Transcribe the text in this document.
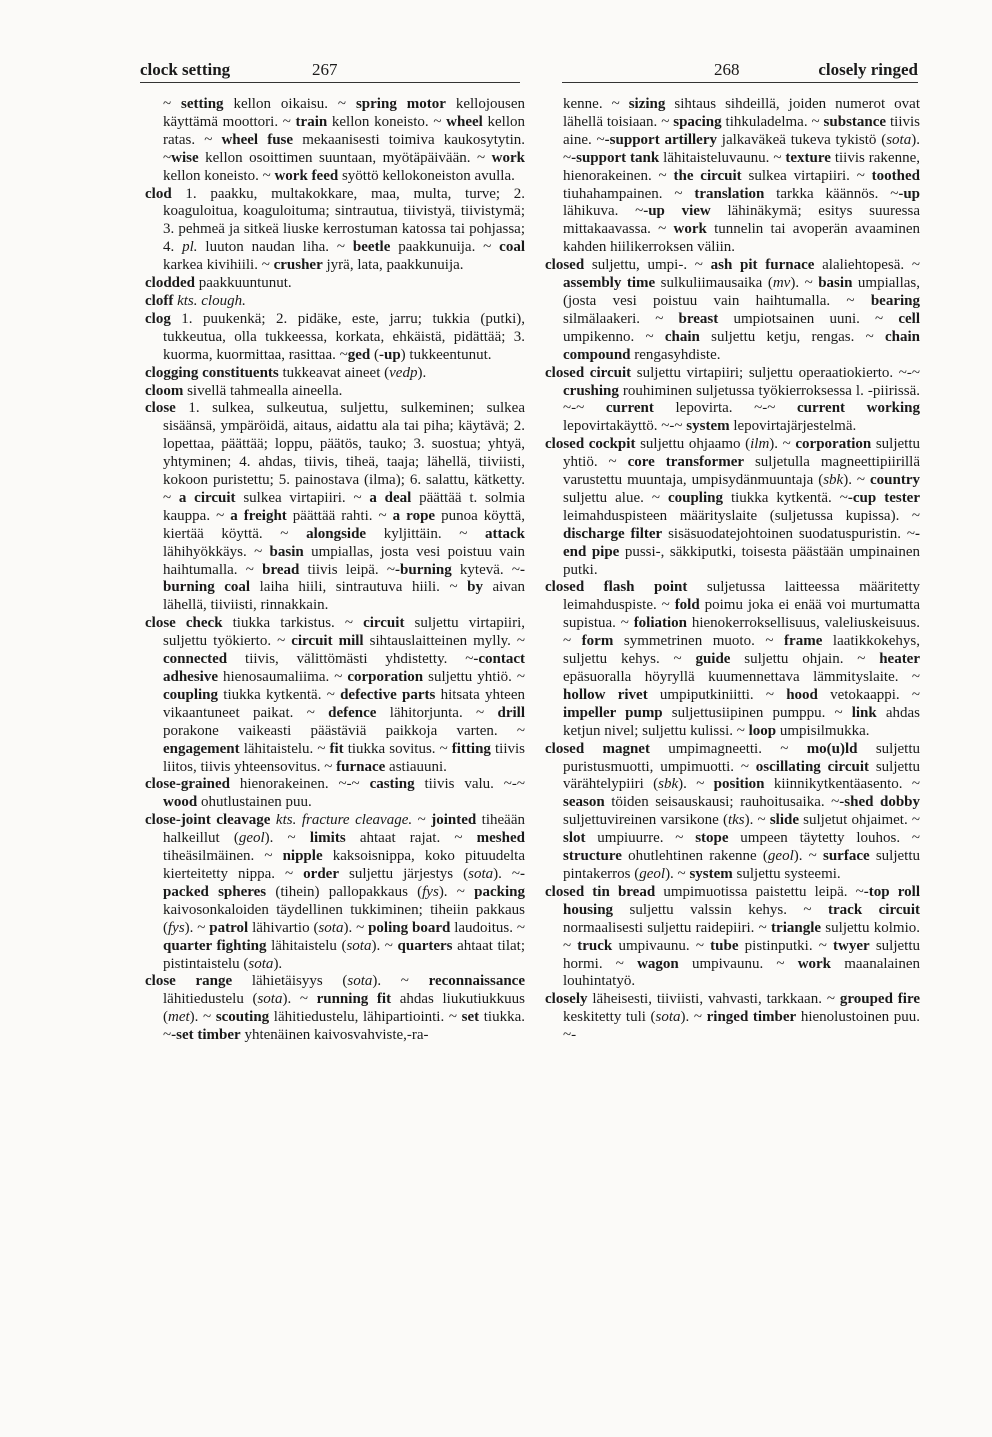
clock setting	267	268	closely ringed

~ setting kellon oikaisu. ~ spring motor kellojousen käyttämä moottori. ~ train kellon koneisto. ~ wheel kellon ratas. ~ wheel fuse mekaanisesti toimiva kaukosytytin. ~wise kellon osoittimen suuntaan, myötäpäivään. ~ work kellon koneisto. ~ work feed syöttö kellokoneiston avulla.

clod 1. paakku, multakokkare, maa, multa, turve; 2. koaguloitua, koaguloituma; sintrautua, tiivistyä, tiivistymä; 3. pehmeä ja sitkeä liuske kerrostuman katossa tai pohjassa; 4. pl. luuton naudan liha. ~ beetle paakkunuija. ~ coal karkea kivihiili. ~ crusher jyrä, lata, paakkunuija.

clodded paakkuuntunut.

cloff kts. clough.

clog 1. puukenkä; 2. pidäke, este, jarru; tukkia (putki), tukkeutua, olla tukkeessa, korkata, ehkäistä, pidättää; 3. kuorma, kuormittaa, rasittaa. ~ged (-up) tukkeentunut.

clogging constituents tukkeavat aineet (vedp).

cloom sivellä tahmealla aineella.

close 1. sulkea, sulkeutua, suljettu, sulkeminen; sulkea sisäänsä, ympäröidä, aitaus, aidattu ala tai piha; käytävä; 2. lopettaa, päättää; loppu, päätös, tauko; 3. suostua; yhtyä, yhtyminen; 4. ahdas, tiivis, tiheä, taaja; lähellä, tiiviisti, kokoon puristettu; 5. painostava (ilma); 6. salattu, kätketty. ~ a circuit sulkea virtapiiri. ~ a deal päättää t. solmia kauppa. ~ a freight päättää rahti. ~ a rope punoa köyttä, kiertää köyttä. ~ alongside kyljittäin. ~ attack lähihyökkäys. ~ basin umpiallas, josta vesi poistuu vain haihtumalla. ~ bread tiivis leipä. ~-burning kytevä. ~-burning coal laiha hiili, sintrautuva hiili. ~ by aivan lähellä, tiiviisti, rinnakkain.

close check tiukka tarkistus. ~ circuit suljettu virtapiiri, suljettu työkierto. ~ circuit mill sihtauslaitteinen mylly. ~ connected tiivis, välittömästi yhdistetty. ~-contact adhesive hienosaumaliima. ~ corporation suljettu yhtiö. ~ coupling tiukka kytkentä. ~ defective parts hitsata yhteen vikaantuneet paikat. ~ defence lähitorjunta. ~ drill porakone vaikeasti päästäviä paikkoja varten. ~ engagement lähitaistelu. ~ fit tiukka sovitus. ~ fitting tiivis liitos, tiivis yhteensovitus. ~ furnace astiauuni.

close-grained hienorakeinen. ~-~ casting tiivis valu. ~-~ wood ohutlustainen puu.

close-joint cleavage kts. fracture cleavage. ~ jointed tiheään halkeillut (geol). ~ limits ahtaat rajat. ~ meshed tiheäsilmäinen. ~ nipple kaksoisnippa, koko pituudelta kierteitetty nippa. ~ order suljettu järjestys (sota). ~-packed spheres (tihein) pallopakkaus (fys). ~ packing kaivosonkaloiden täydellinen tukkiminen; tiheiin pakkaus (fys). ~ patrol lähivartio (sota). ~ poling board laudoitus. ~ quarter fighting lähitaistelu (sota). ~ quarters ahtaat tilat; pistintaistelu (sota).

close range lähietäisyys (sota). ~ reconnaissance lähitiedustelu (sota). ~ running fit ahdas liukutiukkuus (met). ~ scouting lähitiedustelu, lähipartiointi. ~ set tiukka. ~-set timber yhtenäinen kaivosvahviste,-ra-

kenne. ~ sizing sihtaus sihdeillä, joiden numerot ovat lähellä toisiaan. ~ spacing tihkuladelma. ~ substance tiivis aine. ~-support artillery jalkaväkeä tukeva tykistö (sota). ~-support tank lähitaisteluvaunu. ~ texture tiivis rakenne, hienorakeinen. ~ the circuit sulkea virtapiiri. ~ toothed tiuhahampainen. ~ translation tarkka käännös. ~-up lähikuva. ~-up view lähinäkymä; esitys suuressa mittakaavassa. ~ work tunnelin tai avoperän avaaminen kahden hiilikerroksen väliin.

closed suljettu, umpi-. ~ ash pit furnace alaliehtopesä. ~ assembly time sulkuliimausaika (mv). ~ basin umpiallas, (josta vesi poistuu vain haihtumalla. ~ bearing silmälaakeri. ~ breast umpiotsainen uuni. ~ cell umpikenno. ~ chain suljettu ketju, rengas. ~ chain compound rengasyhdiste.

closed circuit suljettu virtapiiri; suljettu operaatiokierto. ~-~ crushing rouhiminen suljetussa työkierroksessa l. -piirissä. ~-~ current lepovirta. ~-~ current working lepovirtakäyttö. ~-~ system lepovirtajärjestelmä.

closed cockpit suljettu ohjaamo (ilm). ~ corporation suljettu yhtiö. ~ core transformer suljetulla magneettipiirillä varustettu muuntaja, umpisydänmuuntaja (sbk). ~ country suljettu alue. ~ coupling tiukka kytkentä. ~-cup tester leimahduspisteen määrityslaite (suljetussa kupissa). ~ discharge filter sisäsuodatejohtoinen suodatuspuristin. ~-end pipe pussi-, säkkiputki, toisesta päästään umpinainen putki.

closed flash point suljetussa laitteessa määritetty leimahduspiste. ~ fold poimu joka ei enää voi murtumatta supistua. ~ foliation hienokerroksellisuus, valeliuskeisuus. ~ form symmetrinen muoto. ~ frame laatikkokehys, suljettu kehys. ~ guide suljettu ohjain. ~ heater epäsuoralla höyryllä kuumennettava lämmityslaite. ~ hollow rivet umpiputkiniitti. ~ hood vetokaappi. ~ impeller pump suljettusiipinen pumppu. ~ link ahdas ketjun nivel; suljettu kulissi. ~ loop umpisilmukka.

closed magnet umpimagneetti. ~ mo(u)ld suljettu puristusmuotti, umpimuotti. ~ oscillating circuit suljettu värähtelypiiri (sbk). ~ position kiinnikytkentäasento. ~ season töiden seisauskausi; rauhoitusaika. ~-shed dobby suljettuvireinen varsikone (tks). ~ slide suljetut ohjaimet. ~ slot umpiuurre. ~ stope umpeen täytetty louhos. ~ structure ohutlehtinen rakenne (geol). ~ surface suljettu pintakerros (geol). ~ system suljettu systeemi.

closed tin bread umpimuotissa paistettu leipä. ~-top roll housing suljettu valssin kehys. ~ track circuit normaalisesti suljettu raidepiiri. ~ triangle suljettu kolmio. ~ truck umpivaunu. ~ tube pistinputki. ~ twyer suljettu hormi. ~ wagon umpivaunu. ~ work maanalainen louhintatyö.

closely läheisesti, tiiviisti, vahvasti, tarkkaan. ~ grouped fire keskitetty tuli (sota). ~ ringed timber hienolustoinen puu. ~-
